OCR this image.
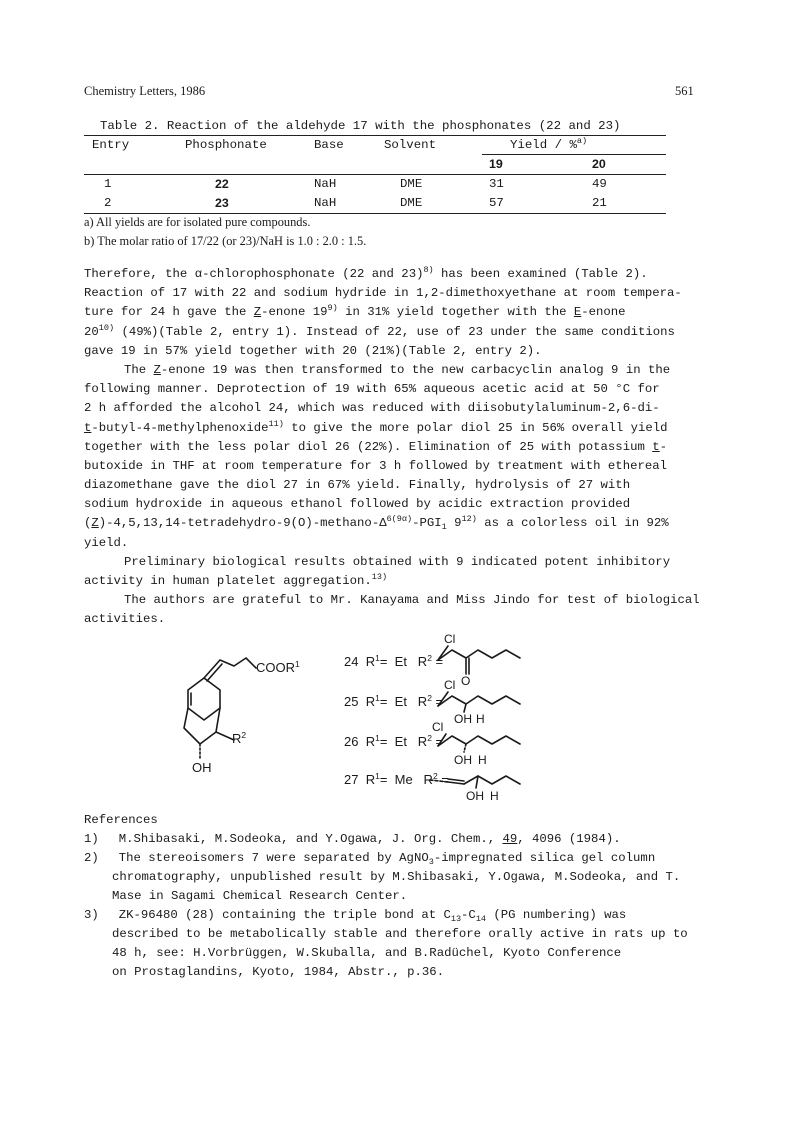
Chemistry Letters, 1986	561
Table 2. Reaction of the aldehyde 17 with the phosphonates (22 and 23)
Entry	Phosphonate	Base	Solvent	Yield / %$^{a)}$
19	20
1	22	NaH	DME	31	49
2	23	NaH	DME	57	21
a) All yields are for isolated pure compounds.
b) The molar ratio of 17/22 (or 23)/NaH is 1.0 : 2.0 : 1.5.
Therefore, the α-chlorophosphonate (22 and 23)$^{8)}$ has been examined (Table 2).
Reaction of 17 with 22 and sodium hydride in 1,2-dimethoxyethane at room tempera-
ture for 24 h gave the Z-enone 19$^{9)}$ in 31% yield together with the E-enone
20$^{10)}$ (49%)(Table 2, entry 1). Instead of 22, use of 23 under the same conditions
gave 19 in 57% yield together with 20 (21%)(Table 2, entry 2).
The Z-enone 19 was then transformed to the new carbacyclin analog 9 in the
following manner. Deprotection of 19 with 65% aqueous acetic acid at 50 °C for
2 h afforded the alcohol 24, which was reduced with diisobutylaluminum-2,6-di-
t-butyl-4-methylphenoxide$^{11)}$ to give the more polar diol 25 in 56% overall yield
together with the less polar diol 26 (22%). Elimination of 25 with potassium t-
butoxide in THF at room temperature for 3 h followed by treatment with ethereal
diazomethane gave the diol 27 in 67% yield. Finally, hydrolysis of 27 with
sodium hydroxide in aqueous ethanol followed by acidic extraction provided
$(Z)-4,5,13,14-tetradehydro-9(O)-methano-\Delta^{6(9\alpha)}-PGI_1$ 9$^{12)}$ as a colorless oil in 92%
yield.
Preliminary biological results obtained with 9 indicated potent inhibitory
activity in human platelet aggregation.$^{13)}$
The authors are grateful to Mr. Kanayama and Miss Jindo for test of biological
activities.
COOR$^1$
$R^2$
OH
24  $R^1= Et$   $R^2$ =
25  $R^1= Et$   $R^2$ =
26  $R^1= Et$   $R^2$ =
27  $R^1= Me$   $R^2$ =
Cl
O
Cl
OH H
Cl
OH H
OH H
References
1) M.Shibasaki, M.Sodeoka, and Y.Ogawa, J. Org. Chem., 49, 4096 (1984).
2) The stereoisomers 7 were separated by AgNO$_3$-impregnated silica gel column
chromatography, unpublished result by M.Shibasaki, Y.Ogawa, M.Sodeoka, and T.
Mase in Sagami Chemical Research Center.
3) ZK-96480 (28) containing the triple bond at $C_{13}-C_{14}$ (PG numbering) was
described to be metabolically stable and therefore orally active in rats up to
48 h, see: H.Vorbrüggen, W.Skuballa, and B.Radüchel, Kyoto Conference
on Prostaglandins, Kyoto, 1984, Abstr., p.36.
